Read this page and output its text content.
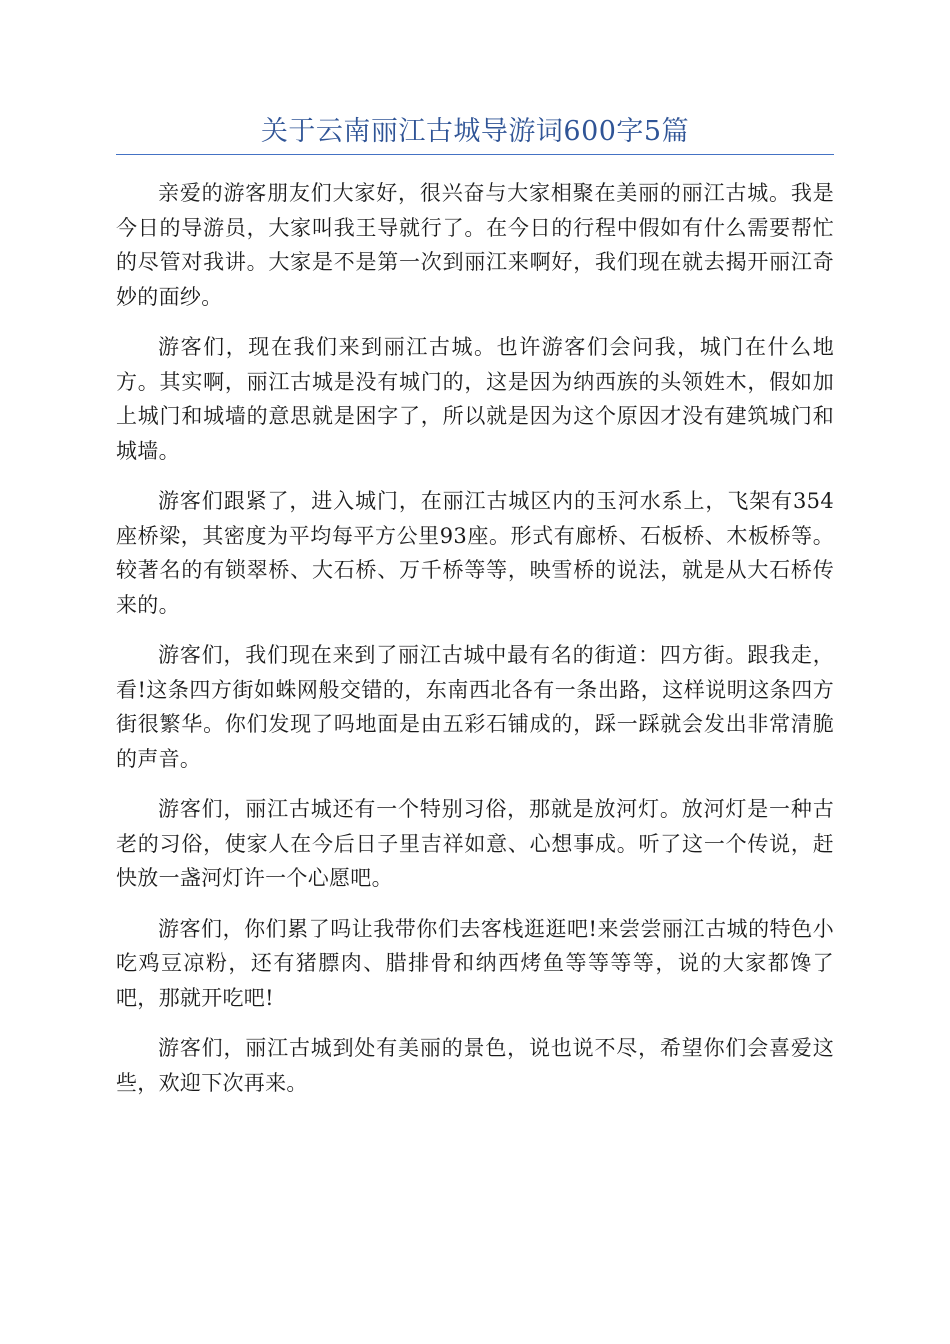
关于云南丽江古城导游词600字5篇

亲爱的游客朋友们大家好，很兴奋与大家相聚在美丽的丽江古城。我是今日的导游员，大家叫我王导就行了。在今日的行程中假如有什么需要帮忙的尽管对我讲。大家是不是第一次到丽江来啊好，我们现在就去揭开丽江奇妙的面纱。

游客们，现在我们来到丽江古城。也许游客们会问我，城门在什么地方。其实啊，丽江古城是没有城门的，这是因为纳西族的头领姓木，假如加上城门和城墙的意思就是困字了，所以就是因为这个原因才没有建筑城门和城墙。

游客们跟紧了，进入城门，在丽江古城区内的玉河水系上，飞架有354座桥梁，其密度为平均每平方公里93座。形式有廊桥、石板桥、木板桥等。较著名的有锁翠桥、大石桥、万千桥等等，映雪桥的说法，就是从大石桥传来的。

游客们，我们现在来到了丽江古城中最有名的街道：四方街。跟我走，看!这条四方街如蛛网般交错的，东南西北各有一条出路，这样说明这条四方街很繁华。你们发现了吗地面是由五彩石铺成的，踩一踩就会发出非常清脆的声音。

游客们，丽江古城还有一个特别习俗，那就是放河灯。放河灯是一种古老的习俗，使家人在今后日子里吉祥如意、心想事成。听了这一个传说，赶快放一盏河灯许一个心愿吧。

游客们，你们累了吗让我带你们去客栈逛逛吧!来尝尝丽江古城的特色小吃鸡豆凉粉，还有猪膘肉、腊排骨和纳西烤鱼等等等等，说的大家都馋了吧，那就开吃吧!

游客们，丽江古城到处有美丽的景色，说也说不尽，希望你们会喜爱这些，欢迎下次再来。
